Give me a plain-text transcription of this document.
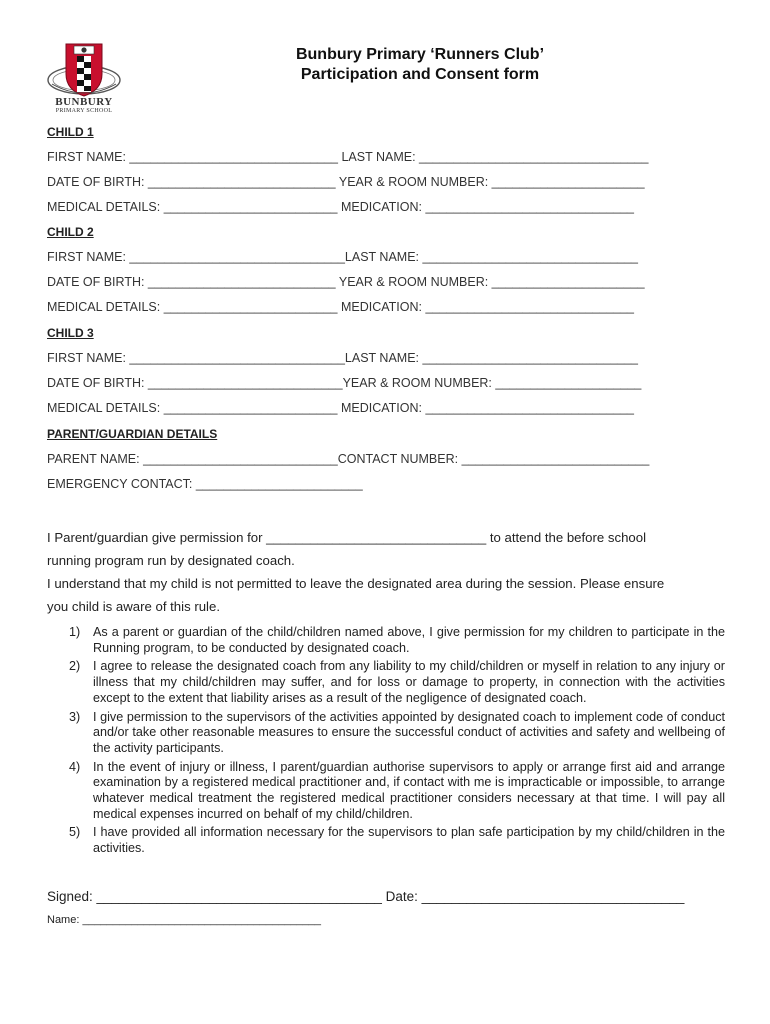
BUNBURY
PRIMARY SCHOOL
Bunbury Primary ‘Runners Club’
Participation and Consent form
CHILD 1
FIRST NAME: ______________________________ LAST NAME: _________________________________
DATE OF BIRTH: ___________________________ YEAR & ROOM NUMBER: ______________________
MEDICAL DETAILS: _________________________ MEDICATION: ______________________________
CHILD 2
FIRST NAME: _______________________________LAST NAME: _______________________________
DATE OF BIRTH: ___________________________ YEAR & ROOM NUMBER: ______________________
MEDICAL DETAILS: _________________________ MEDICATION: ______________________________
CHILD 3
FIRST NAME: _______________________________LAST NAME: _______________________________
DATE OF BIRTH: ____________________________YEAR & ROOM NUMBER: _____________________
MEDICAL DETAILS: _________________________ MEDICATION: ______________________________
PARENT/GUARDIAN DETAILS
PARENT NAME: ____________________________CONTACT NUMBER: ___________________________
EMERGENCY CONTACT: ________________________
I Parent/guardian give permission for ______________________________ to attend the before school
running program run by designated coach.
I understand that my child is not permitted to leave the designated area during the session. Please ensure
you child is aware of this rule.
1) As a parent or guardian of the child/children named above, I give permission for my children to participate in the Running program, to be conducted by designated coach.
2) I agree to release the designated coach from any liability to my child/children or myself in relation to any injury or illness that my child/children may suffer, and for loss or damage to property, in connection with the activities except to the extent that liability arises as a result of the negligence of designated coach.
3) I give permission to the supervisors of the activities appointed by designated coach to implement code of conduct and/or take other reasonable measures to ensure the successful conduct of activities and safety and wellbeing of the activity participants.
4) In the event of injury or illness, I parent/guardian authorise supervisors to apply or arrange first aid and arrange examination by a registered medical practitioner and, if contact with me is impracticable or impossible, to arrange whatever medical treatment the registered medical practitioner considers necessary at that time. I will pay all medical expenses incurred on behalf of my child/children.
5) I have provided all information necessary for the supervisors to plan safe participation by my child/children in the activities.
Signed: ______________________________________ Date: ___________________________________
Name: _______________________________________
